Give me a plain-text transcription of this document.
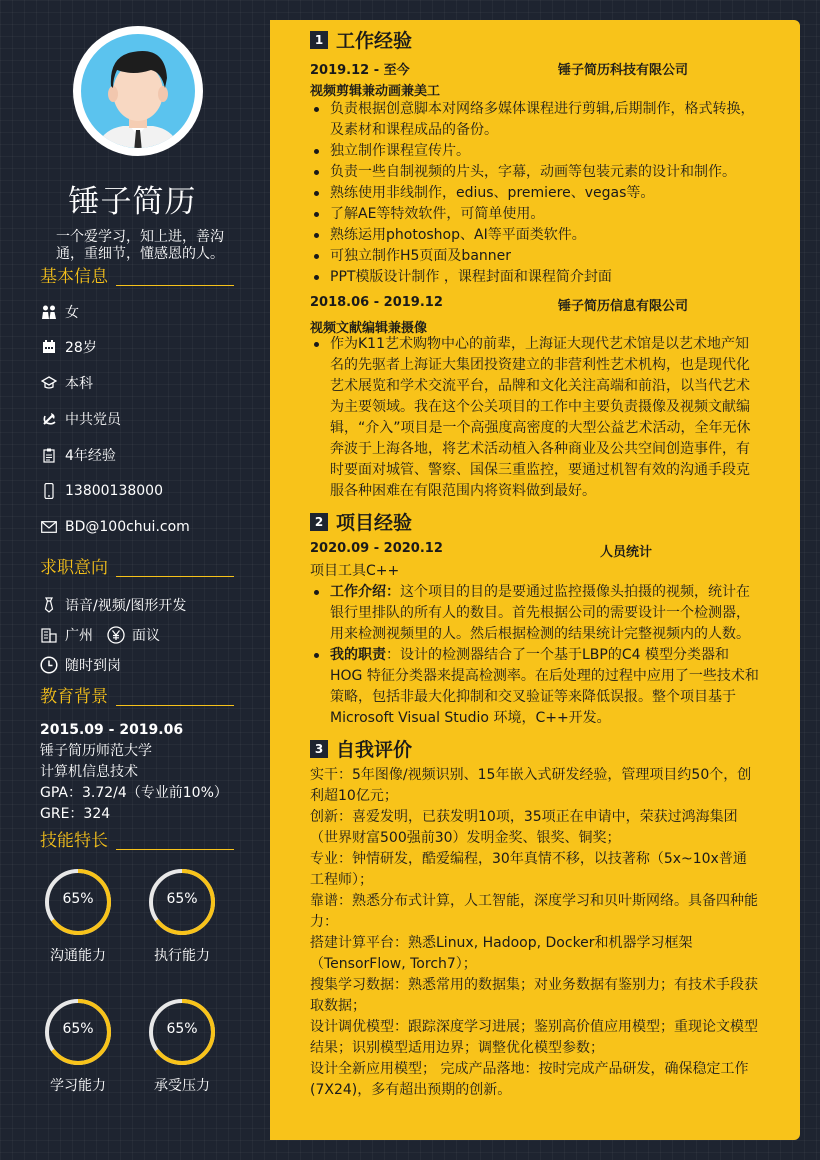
锤子简历
一个爱学习，知上进，善沟通，重细节，懂感恩的人。
基本信息
女
28岁
本科
中共党员
4年经验
13800138000
BD@100chui.com
求职意向
语音/视频/图形开发
广州	面议
随时到岗
教育背景
2015.09 - 2019.06
锤子简历师范大学
计算机信息技术
GPA：3.72/4（专业前10%）
GRE：324
技能特长
65%
沟通能力
65%
执行能力
65%
学习能力
65%
承受压力
1 工作经验
2019.12 - 至今	锤子简历科技有限公司
视频剪辑兼动画兼美工
负责根据创意脚本对网络多媒体课程进行剪辑,后期制作，格式转换，及素材和课程成品的备份。
独立制作课程宣传片。
负责一些自制视频的片头，字幕，动画等包装元素的设计和制作。
熟练使用非线制作，edius、premiere、vegas等。
了解AE等特效软件，可简单使用。
熟练运用photoshop、AI等平面类软件。
可独立制作H5页面及banner
PPT模版设计制作 ，课程封面和课程简介封面
2018.06 - 2019.12	锤子简历信息有限公司
视频文献编辑兼摄像
作为K11艺术购物中心的前辈，上海证大现代艺术馆是以艺术地产知名的先驱者上海证大集团投资建立的非营利性艺术机构，也是现代化艺术展览和学术交流平台，品牌和文化关注高端和前沿，以当代艺术为主要领域。我在这个公关项目的工作中主要负责摄像及视频文献编辑，“介入”项目是一个高强度高密度的大型公益艺术活动，全年无休奔波于上海各地，将艺术活动植入各种商业及公共空间创造事件，有时要面对城管、警察、国保三重监控，要通过机智有效的沟通手段克服各种困难在有限范围内将资料做到最好。
2 项目经验
2020.09 - 2020.12	人员统计
项目工具C++
工作介绍：这个项目的目的是要通过监控摄像头拍摄的视频，统计在银行里排队的所有人的数目。首先根据公司的需要设计一个检测器，用来检测视频里的人。然后根据检测的结果统计完整视频内的人数。
我的职责：设计的检测器结合了一个基于LBP的C4 模型分类器和 HOG 特征分类器来提高检测率。在后处理的过程中应用了一些技术和策略，包括非最大化抑制和交叉验证等来降低误报。整个项目基于 Microsoft Visual Studio 环境，C++开发。
3 自我评价

实干：5年图像/视频识别、15年嵌入式研发经验，管理项目约50个，创利超10亿元；

创新：喜爱发明，已获发明10项，35项正在申请中，荣获过鸿海集团（世界财富500强前30）发明金奖、银奖、铜奖；

专业：钟情研发，酷爱编程，30年真情不移，以技著称（5x~10x普通工程师）；

靠谱：熟悉分布式计算，人工智能，深度学习和贝叶斯网络。具备四种能力：

搭建计算平台：熟悉Linux, Hadoop, Docker和机器学习框架（TensorFlow, Torch7）；

搜集学习数据：熟悉常用的数据集；对业务数据有鉴别力；有技术手段获取数据；

设计调优模型：跟踪深度学习进展；鉴别高价值应用模型；重现论文模型结果；识别模型适用边界；调整优化模型参数；

设计全新应用模型； 完成产品落地：按时完成产品研发，确保稳定工作(7X24)，多有超出预期的创新。
